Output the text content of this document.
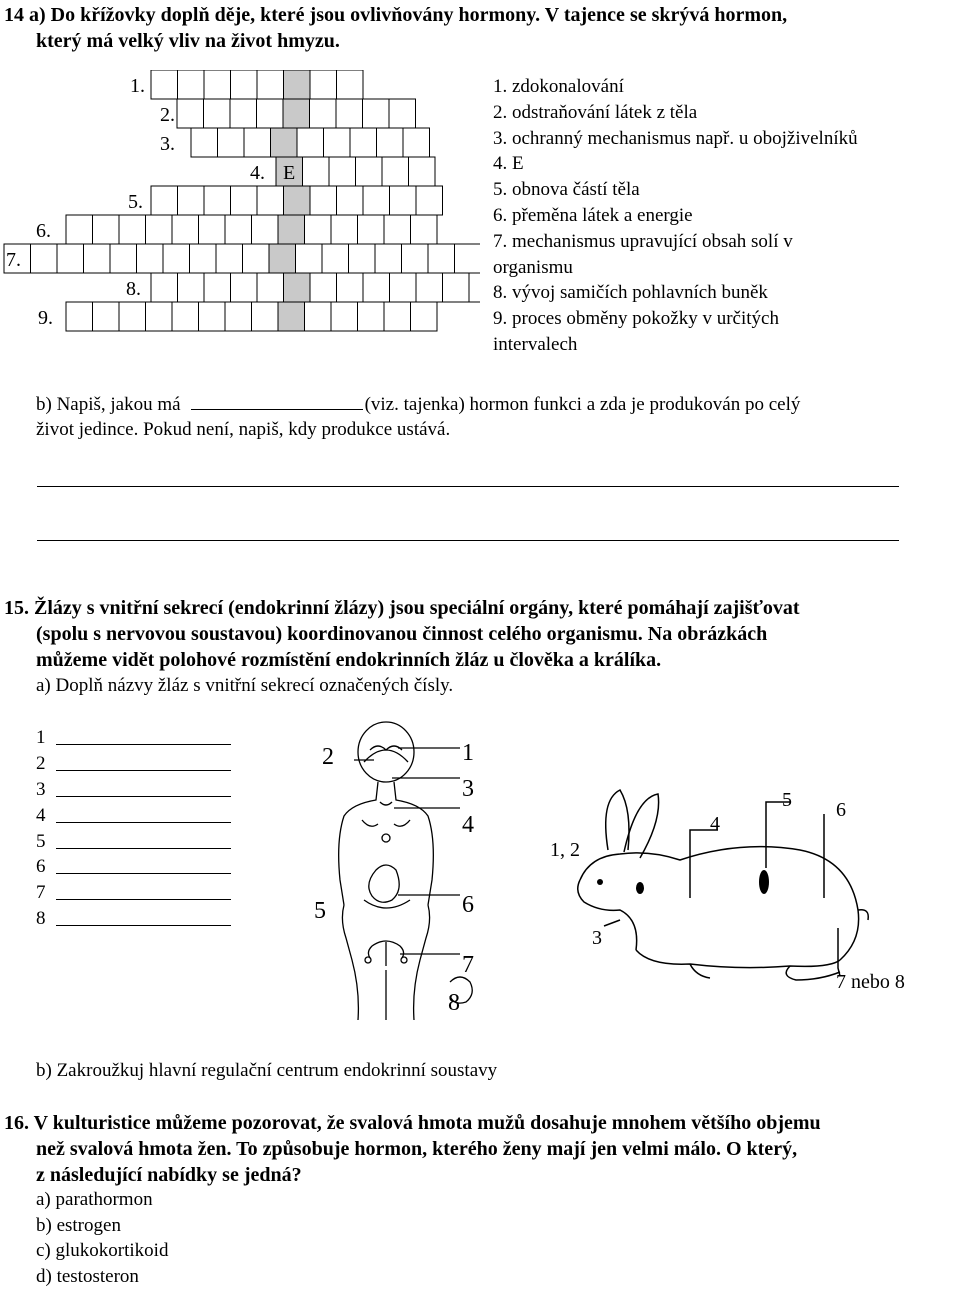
14 a) Do křížovky doplň děje, které jsou ovlivňovány hormony. V tajence se skrývá hormon,
který má velký vliv na život hmyzu.
1.
2.
3.
4.
5.
6.
7.
8.
9.
E
1. zdokonalování
2. odstraňování látek z těla
3. ochranný mechanismus např. u obojživelníků
4. E
5. obnova částí těla
6. přeměna látek a energie
7. mechanismus upravující obsah solí v
organismu
8. vývoj samičích pohlavních buněk
9. proces obměny pokožky v určitých
intervalech
b) Napiš, jakou má	(viz. tajenka) hormon funkci a zda je produkován po celý
život jedince. Pokud není, napiš, kdy produkce ustává.
15. Žlázy s vnitřní sekrecí (endokrinní žlázy) jsou speciální orgány, které pomáhají zajišťovat
(spolu s nervovou soustavou) koordinovanou činnost celého organismu. Na obrázkách
můžeme vidět polohové rozmístění endokrinních žláz u člověka a králíka.
a) Doplň názvy žláz s vnitřní sekrecí označených čísly.
1
2
3
4
5
6
7
8
2	1
3
4
5	6
7
8
1, 2
3
4
5 6
7 nebo 8
b) Zakroužkuj hlavní regulační centrum endokrinní soustavy
16. V kulturistice můžeme pozorovat, že svalová hmota mužů dosahuje mnohem většího objemu
než svalová hmota žen. To způsobuje hormon, kterého ženy mají jen velmi málo. O který,
z následující nabídky se jedná?
a) parathormon
b) estrogen
c) glukokortikoid
d) testosteron
